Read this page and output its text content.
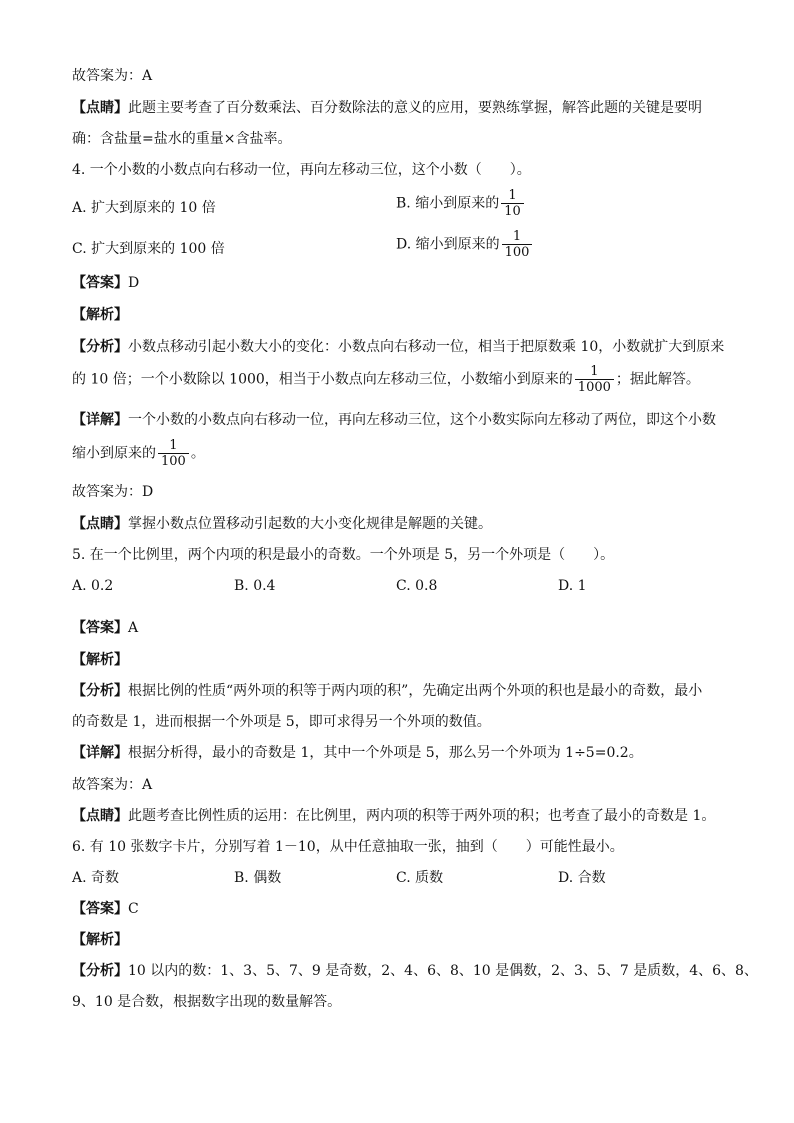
故答案为：A
【点睛】此题主要考查了百分数乘法、百分数除法的意义的应用，要熟练掌握，解答此题的关键是要明
确：含盐量=盐水的重量×含盐率。
4. 一个小数的小数点向右移动一位，再向左移动三位，这个小数（　　）。
A. 扩大到原来的 10 倍	B. 缩小到原来的 $\frac{1}{10}$
C. 扩大到原来的 100 倍	D. 缩小到原来的 $\frac{1}{100}$
【答案】D
【解析】
【分析】小数点移动引起小数大小的变化：小数点向右移动一位，相当于把原数乘 10，小数就扩大到原来
的 10 倍；一个小数除以 1000，相当于小数点向左移动三位，小数缩小到原来的 $\frac{1}{1000}$ ；据此解答。
【详解】一个小数的小数点向右移动一位，再向左移动三位，这个小数实际向左移动了两位，即这个小数
缩小到原来的 $\frac{1}{100}$ 。
故答案为：D
【点睛】掌握小数点位置移动引起数的大小变化规律是解题的关键。
5. 在一个比例里，两个内项的积是最小的奇数。一个外项是 5，另一个外项是（　　）。
A. 0.2	B. 0.4	C. 0.8	D. 1
【答案】A
【解析】
【分析】根据比例的性质“两外项的积等于两内项的积”，先确定出两个外项的积也是最小的奇数，最小
的奇数是 1，进而根据一个外项是 5，即可求得另一个外项的数值。
【详解】根据分析得，最小的奇数是 1，其中一个外项是 5，那么另一个外项为 1÷5=0.2。
故答案为：A
【点睛】此题考查比例性质的运用：在比例里，两内项的积等于两外项的积；也考查了最小的奇数是 1。
6. 有 10 张数字卡片，分别写着 1－10，从中任意抽取一张，抽到（　　）可能性最小。
A. 奇数	B. 偶数	C. 质数	D. 合数
【答案】C
【解析】
【分析】10 以内的数：1、3、5、7、9 是奇数，2、4、6、8、10 是偶数，2、3、5、7 是质数，4、6、8、
9、10 是合数，根据数字出现的数量解答。
